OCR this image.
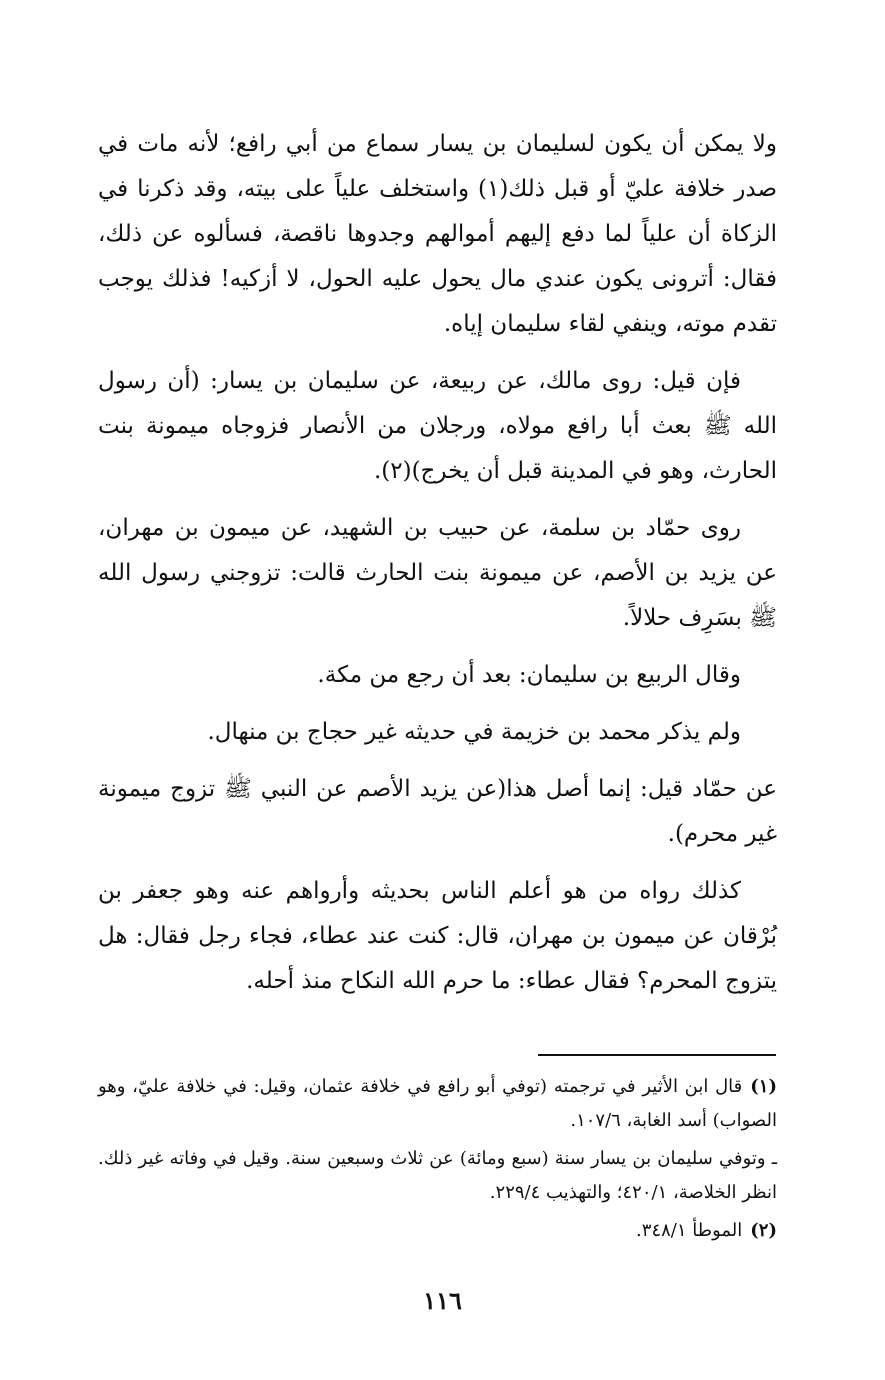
ولا يمكن أن يكون لسليمان بن يسار سماع من أبي رافع؛ لأنه مات في صدر خلافة عليّ أو قبل ذلك(١) واستخلف علياً على بيته، وقد ذكرنا في الزكاة أن علياً لما دفع إليهم أموالهم وجدوها ناقصة، فسألوه عن ذلك، فقال: أترونى يكون عندي مال يحول عليه الحول، لا أزكيه! فذلك يوجب تقدم موته، وينفي لقاء سليمان إياه.

فإن قيل: روى مالك، عن ربيعة، عن سليمان بن يسار: (أن رسول الله ﷺ بعث أبا رافع مولاه، ورجلان من الأنصار فزوجاه ميمونة بنت الحارث، وهو في المدينة قبل أن يخرج)(٢).

روى حمّاد بن سلمة، عن حبيب بن الشهيد، عن ميمون بن مهران، عن يزيد بن الأصم، عن ميمونة بنت الحارث قالت: تزوجني رسول الله ﷺ بسَرِف حلالاً.

وقال الربيع بن سليمان: بعد أن رجع من مكة.

ولم يذكر محمد بن خزيمة في حديثه غير حجاج بن منهال.

عن حمّاد قيل: إنما أصل هذا(عن يزيد الأصم عن النبي ﷺ تزوج ميمونة غير محرم).

كذلك رواه من هو أعلم الناس بحديثه وأرواهم عنه وهو جعفر بن بُرْقان عن ميمون بن مهران، قال: كنت عند عطاء، فجاء رجل فقال: هل يتزوج المحرم؟ فقال عطاء: ما حرم الله النكاح منذ أحله.

(١)قال ابن الأثير في ترجمته (توفي أبو رافع في خلافة عثمان، وقيل: في خلافة عليّ، وهو الصواب) أسد الغابة، ١٠٧/٦.

ـ وتوفي سليمان بن يسار سنة (سبع ومائة) عن ثلاث وسبعين سنة. وقيل في وفاته غير ذلك. انظر الخلاصة، ٤٢٠/١؛ والتهذيب ٢٢٩/٤.

(٢)الموطأ ٣٤٨/١.

١١٦
